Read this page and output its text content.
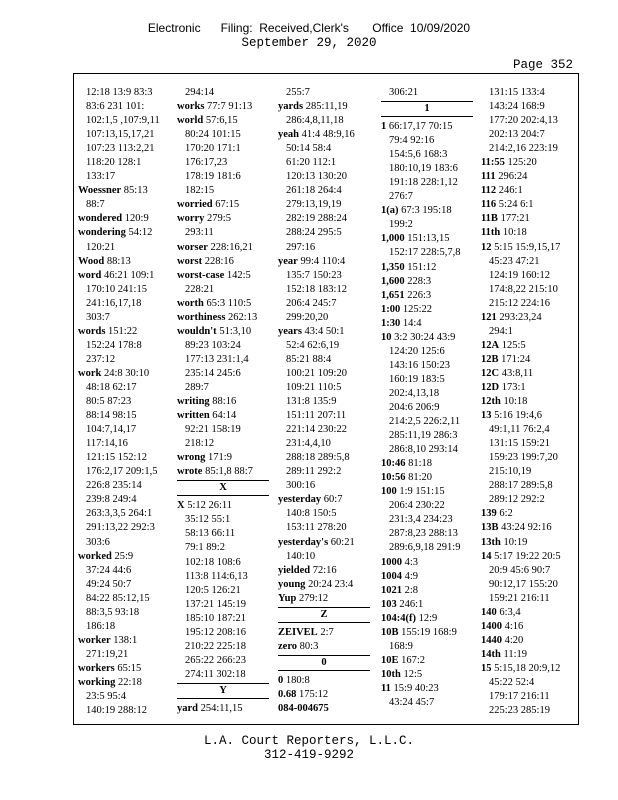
Electronic      Filing:  Received,Clerk's       Office  10/09/2020
September 29, 2020
Page 352
12:18 13:9 83:3
83:6 231 101:
102:1,5 ,107:9,11
107:13,15,17,21
107:23 113:2,21
118:20 128:1
133:17
Woessner 85:13
88:7
wondered 120:9
wondering 54:12
120:21
Wood 88:13
word 46:21 109:1
170:10 241:15
241:16,17,18
303:7
words 151:22
152:24 178:8
237:12
work 24:8 30:10
48:18 62:17
80:5 87:23
88:14 98:15
104:7,14,17
117:14,16
121:15 152:12
176:2,17 209:1,5
226:8 235:14
239:8 249:4
263:3,3,5 264:1
291:13,22 292:3
303:6
worked 25:9
37:24 44:6
49:24 50:7
84:22 85:12,15
88:3,5 93:18
186:18
worker 138:1
271:19,21
workers 65:15
working 22:18
23:5 95:4
140:19 288:12
294:14
works 77:7 91:13
world 57:6,15
80:24 101:15
170:20 171:1
176:17,23
178:19 181:6
182:15
worried 67:15
worry 279:5
293:11
worser 228:16,21
worst 228:16
worst-case 142:5
228:21
worth 65:3 110:5
worthiness 262:13
wouldn't 51:3,10
89:23 103:24
177:13 231:1,4
235:14 245:6
289:7
writing 88:16
written 64:14
92:21 158:19
218:12
wrong 171:9
wrote 85:1,8 88:7
X
X 5:12 26:11
35:12 55:1
58:13 66:11
79:1 89:2
102:18 108:6
113:8 114:6,13
120:5 126:21
137:21 145:19
185:10 187:21
195:12 208:16
210:22 225:18
265:22 266:23
274:11 302:18
Y
yard 254:11,15
255:7
yards 285:11,19
286:4,8,11,18
yeah 41:4 48:9,16
50:14 58:4
61:20 112:1
120:13 130:20
261:18 264:4
279:13,19,19
282:19 288:24
288:24 295:5
297:16
year 99:4 110:4
135:7 150:23
152:18 183:12
206:4 245:7
299:20,20
years 43:4 50:1
52:4 62:6,19
85:21 88:4
100:21 109:20
109:21 110:5
131:8 135:9
151:11 207:11
221:14 230:22
231:4,4,10
288:18 289:5,8
289:11 292:2
300:16
yesterday 60:7
140:8 150:5
153:11 278:20
yesterday's 60:21
140:10
yielded 72:16
young 20:24 23:4
Yup 279:12
Z
ZEIVEL 2:7
zero 80:3
0
0 180:8
0.68 175:12
084-004675
306:21
1
1 66:17,17 70:15
79:4 92:16
154:5,6 168:3
180:10,19 183:6
191:18 228:1,12
276:7
1(a) 67:3 195:18
199:2
1,000 151:13,15
152:17 228:5,7,8
1,350 151:12
1,600 228:3
1,651 226:3
1:00 125:22
1:30 14:4
10 3:2 30:24 43:9
124:20 125:6
143:16 150:23
160:19 183:5
202:4,13,18
204:6 206:9
214:2,5 226:2,11
285:11,19 286:3
286:8,10 293:14
10:46 81:18
10:56 81:20
100 1:9 151:15
206:4 230:22
231:3,4 234:23
287:8,23 288:13
289:6,9,18 291:9
1000 4:3
1004 4:9
1021 2:8
103 246:1
104:4(f) 12:9
10B 155:19 168:9
168:9
10E 167:2
10th 12:5
11 15:9 40:23
43:24 45:7
131:15 133:4
143:24 168:9
177:20 202:4,13
202:13 204:7
214:2,16 223:19
11:55 125:20
111 296:24
112 246:1
116 5:24 6:1
11B 177:21
11th 10:18
12 5:15 15:9,15,17
45:23 47:21
124:19 160:12
174:8,22 215:10
215:12 224:16
121 293:23,24
294:1
12A 125:5
12B 171:24
12C 43:8,11
12D 173:1
12th 10:18
13 5:16 19:4,6
49:1,11 76:2,4
131:15 159:21
159:23 199:7,20
215:10,19
288:17 289:5,8
289:12 292:2
139 6:2
13B 43:24 92:16
13th 10:19
14 5:17 19:22 20:5
20:9 45:6 90:7
90:12,17 155:20
159:21 216:11
140 6:3,4
1400 4:16
1440 4:20
14th 11:19
15 5:15,18 20:9,12
45:22 52:4
179:17 216:11
225:23 285:19
L.A. Court Reporters, L.L.C.
312-419-9292
